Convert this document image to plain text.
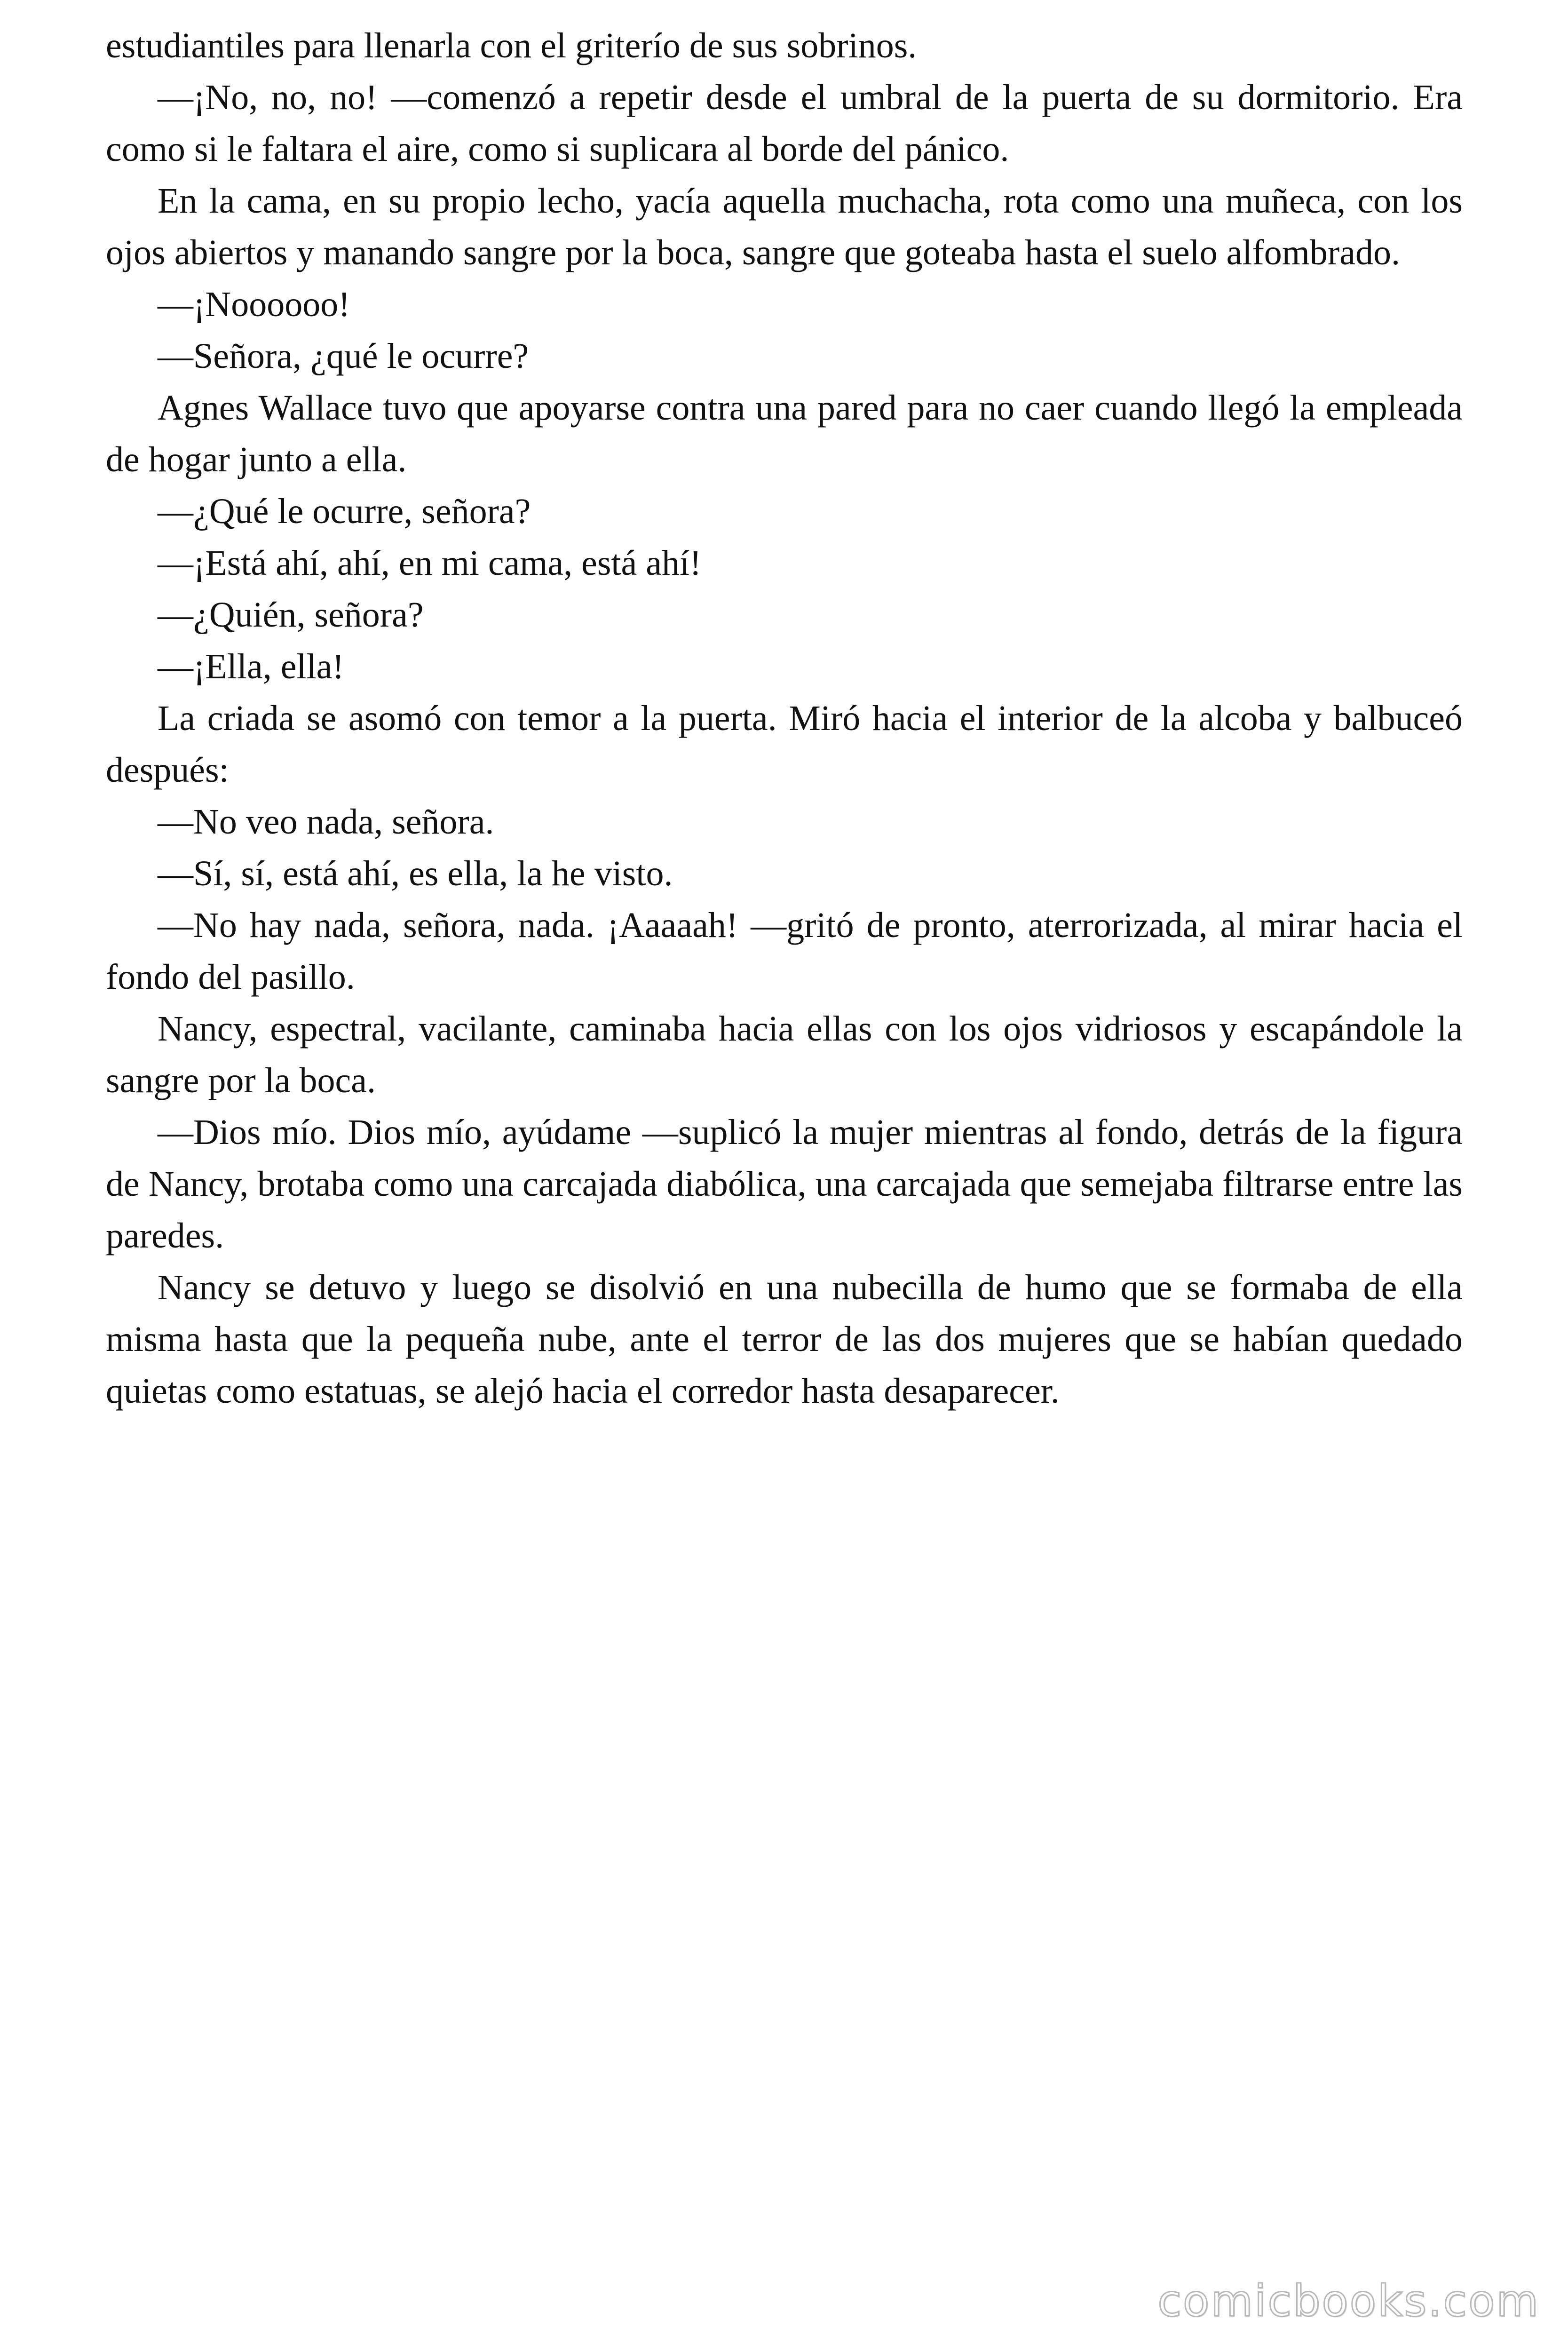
estudiantiles para llenarla con el griterío de sus sobrinos.

—¡No, no, no! —comenzó a repetir desde el umbral de la puerta de su dormitorio. Era como si le faltara el aire, como si suplicara al borde del pánico.

En la cama, en su propio lecho, yacía aquella muchacha, rota como una muñeca, con los ojos abiertos y manando sangre por la boca, sangre que goteaba hasta el suelo alfombrado.

—¡Noooooo!

—Señora, ¿qué le ocurre?

Agnes Wallace tuvo que apoyarse contra una pared para no caer cuando llegó la empleada de hogar junto a ella.

—¿Qué le ocurre, señora?

—¡Está ahí, ahí, en mi cama, está ahí!

—¿Quién, señora?

—¡Ella, ella!

La criada se asomó con temor a la puerta. Miró hacia el interior de la alcoba y balbuceó después:

—No veo nada, señora.

—Sí, sí, está ahí, es ella, la he visto.

—No hay nada, señora, nada. ¡Aaaaah! —gritó de pronto, aterrorizada, al mirar hacia el fondo del pasillo.

Nancy, espectral, vacilante, caminaba hacia ellas con los ojos vidriosos y escapándole la sangre por la boca.

—Dios mío. Dios mío, ayúdame —suplicó la mujer mientras al fondo, detrás de la figura de Nancy, brotaba como una carcajada diabólica, una carcajada que semejaba filtrarse entre las paredes.

Nancy se detuvo y luego se disolvió en una nubecilla de humo que se formaba de ella misma hasta que la pequeña nube, ante el terror de las dos mujeres que se habían quedado quietas como estatuas, se alejó hacia el corredor hasta desaparecer.

comicbooks.com
